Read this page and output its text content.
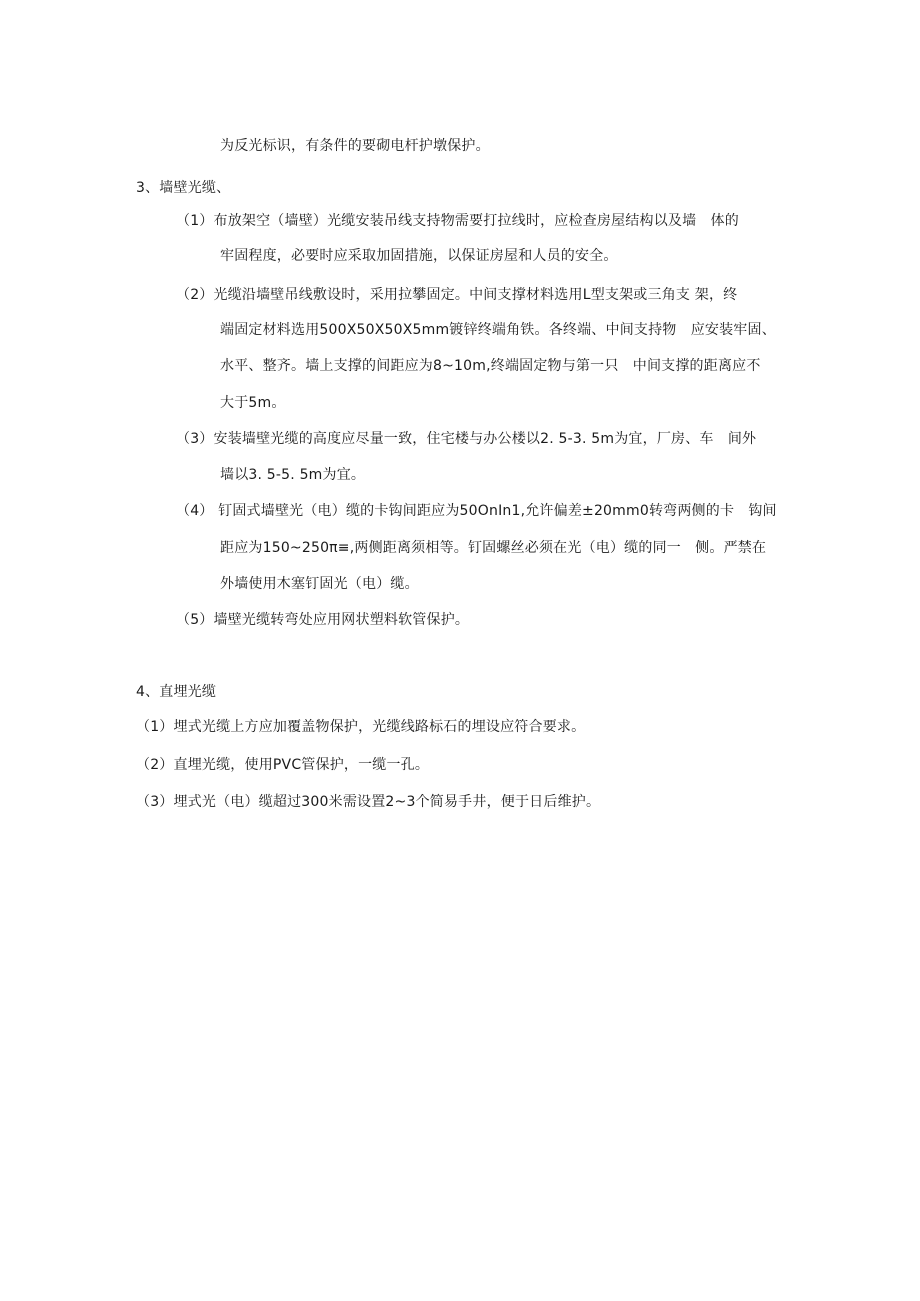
为反光标识，有条件的要砌电杆护墩保护。
3、墙壁光缆、
（1）布放架空（墙壁）光缆安装吊线支持物需要打拉线时，应检查房屋结构以及墙　体的
牢固程度，必要时应采取加固措施，以保证房屋和人员的安全。
（2）光缆沿墙壁吊线敷设时，采用拉攀固定。中间支撑材料选用L型支架或三角支 架，终
端固定材料选用500X50X50X5mm镀锌终端角铁。各终端、中间支持物　应安装牢固、
水平、整齐。墙上支撑的间距应为8~10m,终端固定物与第一只　中间支撑的距离应不
大于5m。
（3）安装墙壁光缆的高度应尽量一致，住宅楼与办公楼以2. 5-3. 5m为宜，厂房、车　间外
墙以3. 5-5. 5m为宜。
（4） 钉固式墙壁光（电）缆的卡钩间距应为50OnIn1,允许偏差±20mm0转弯两侧的卡　钩间
距应为150~250π≡,两侧距离须相等。钉固螺丝必须在光（电）缆的同一　侧。严禁在
外墙使用木塞钉固光（电）缆。
（5）墙壁光缆转弯处应用网状塑料软管保护。
4、直埋光缆
（1）埋式光缆上方应加覆盖物保护，光缆线路标石的埋设应符合要求。
（2）直埋光缆，使用PVC管保护，一缆一孔。
（3）埋式光（电）缆超过300米需设置2~3个简易手井，便于日后维护。
